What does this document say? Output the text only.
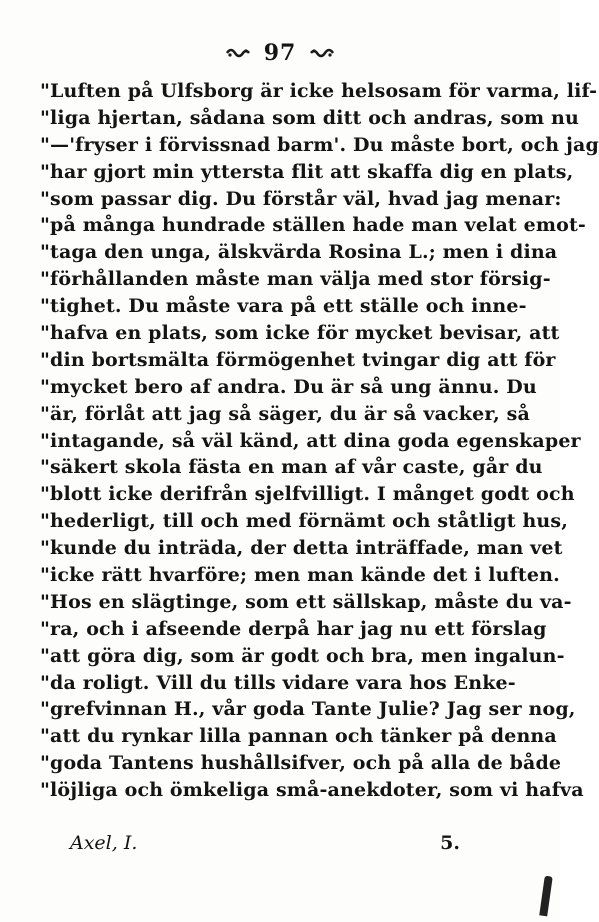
97
"Luften på Ulfsborg är icke helsosam för varma, lif-
"liga hjertan, sådana som ditt och andras, som nu
"—'fryser i förvissnad barm'. Du måste bort, och jag
"har gjort min yttersta flit att skaffa dig en plats,
"som passar dig. Du förstår väl, hvad jag menar:
"på många hundrade ställen hade man velat emot-
"taga den unga, älskvärda Rosina L.; men i dina
"förhållanden måste man välja med stor försig-
"tighet. Du måste vara på ett ställe och inne-
"hafva en plats, som icke för mycket bevisar, att
"din bortsmälta förmögenhet tvingar dig att för
"mycket bero af andra. Du är så ung ännu. Du
"är, förlåt att jag så säger, du är så vacker, så
"intagande, så väl känd, att dina goda egenskaper
"säkert skola fästa en man af vår caste, går du
"blott icke derifrån sjelfvilligt. I månget godt och
"hederligt, till och med förnämt och ståtligt hus,
"kunde du inträda, der detta inträffade, man vet
"icke rätt hvarföre; men man kände det i luften.
"Hos en slägtinge, som ett sällskap, måste du va-
"ra, och i afseende derpå har jag nu ett förslag
"att göra dig, som är godt och bra, men ingalun-
"da roligt. Vill du tills vidare vara hos Enke-
"grefvinnan H., vår goda Tante Julie? Jag ser nog,
"att du rynkar lilla pannan och tänker på denna
"goda Tantens hushållsifver, och på alla de både
"löjliga och ömkeliga små-anekdoter, som vi hafva
Axel, I.	5.
